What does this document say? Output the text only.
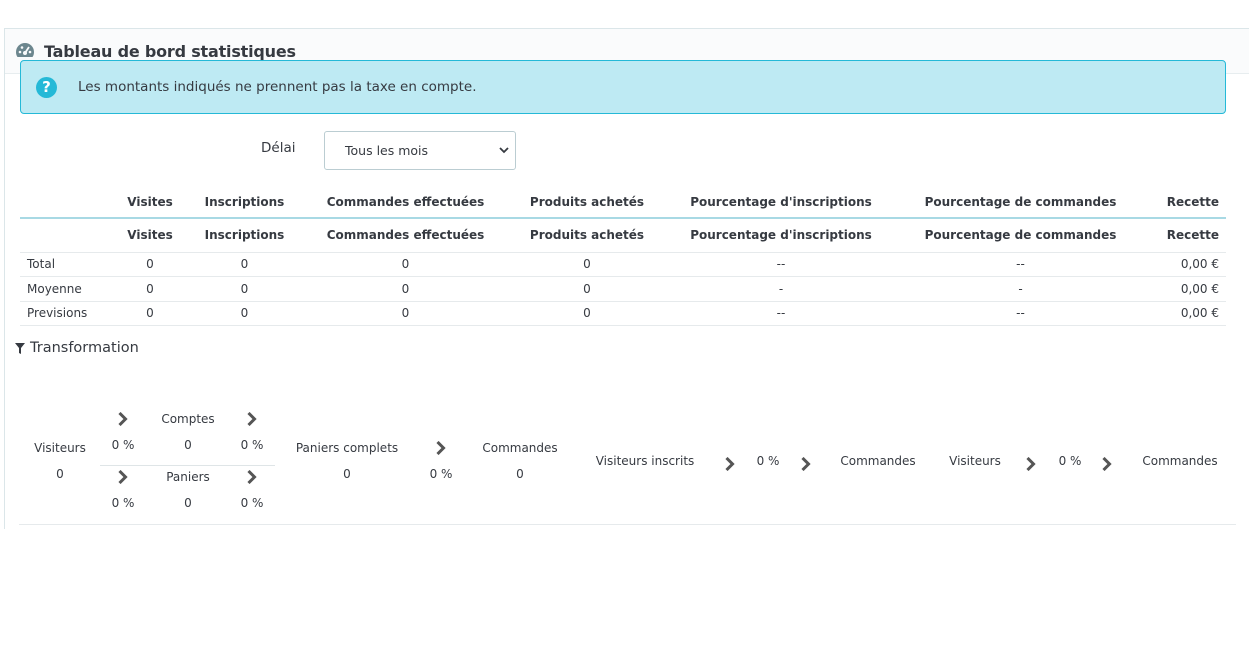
Tableau de bord statistiques
?	Les montants indiqués ne prennent pas la taxe en compte.
Délai	Tous les mois
	Visites	Inscriptions	Commandes effectuées	Produits achetés	Pourcentage d'inscriptions	Pourcentage de commandes	Recette
	Visites	Inscriptions	Commandes effectuées	Produits achetés	Pourcentage d'inscriptions	Pourcentage de commandes	Recette
Total	0	0	0	0	--	--	0,00 €
Moyenne	0	0	0	0	-	-	0,00 €
Previsions	0	0	0	0	--	--	0,00 €
Transformation
Visiteurs
0
Comptes
0 %	0	0 %
Paniers
0 %	0	0 %
Paniers complets
0	0 %
Commandes
0
Visiteurs inscrits	0 %	Commandes	Visiteurs	0 %	Commandes
